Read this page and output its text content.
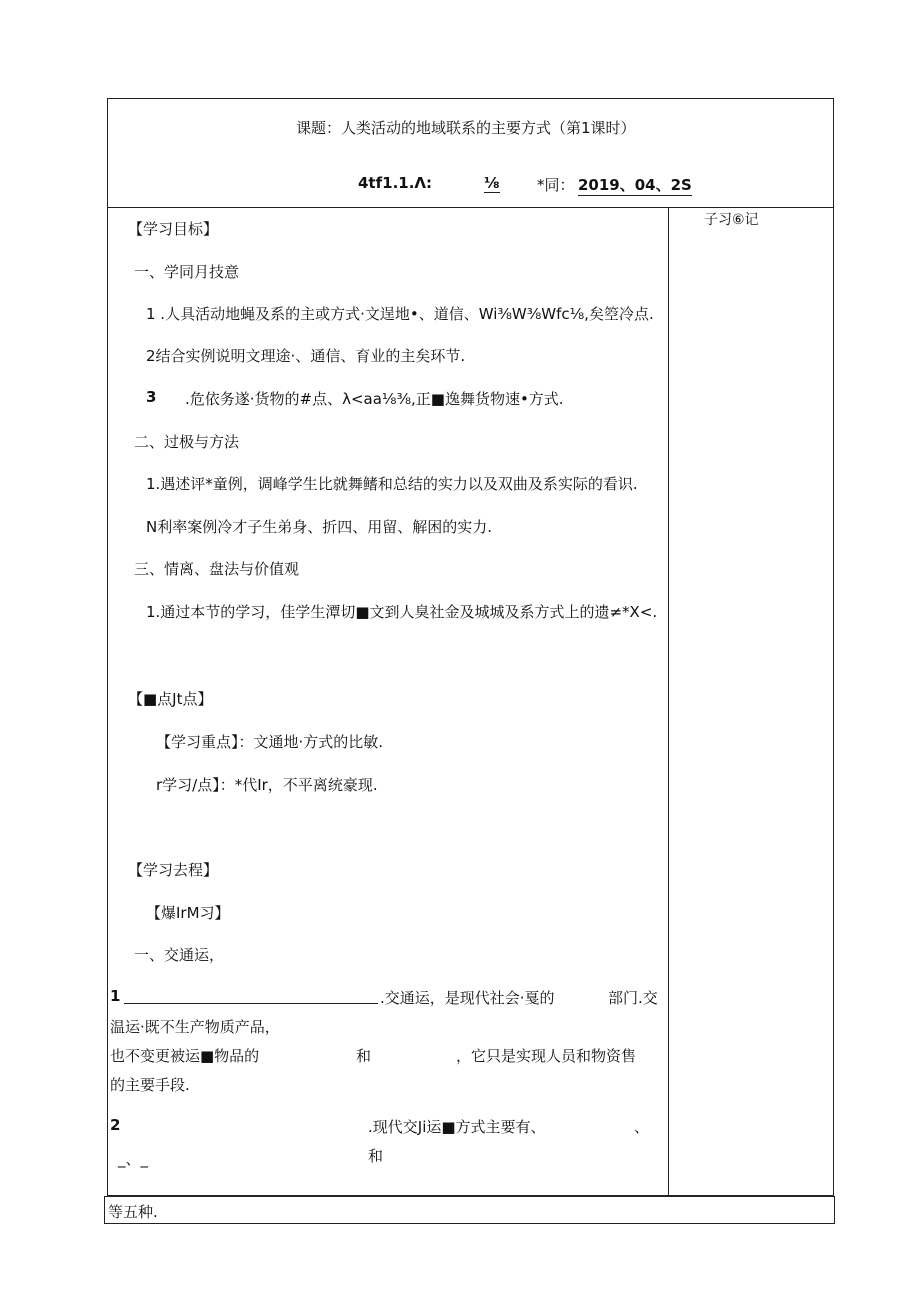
课题：人类活动的地域联系的主要方式（第1课时）
4tf1.1.Λ:	⅛ *同： 2019、04、2S
子习⑥记
【学习目标】
一、学同月技意
1 .人具活动地蝇及系的主或方式·文逞地•、道信、Wi⅜W⅜Wfc⅛,矣箜冷点.
2结合实例说明文理途·、通信、育业的主矣环节.
3 .危依务遂·货物的#点、λ<aa⅛⅜,正■逸舞货物速•方式.
二、过极与方法
1.遇述评*童例，调峰学生比就舞鳍和总结的实力以及双曲及系实际的看识.
N利率案例冷才子生弟身、折四、用留、解困的实力.
三、情离、盘法与价值观
1.通过本节的学习，佳学生潭切■文到人臭社金及城城及系方式上的遗≠*X<.
【■点Jt点】
【学习重点】：文通地·方式的比敏.
r学习/点】：*代Ir，不平离统豪现.
【学习去程】
【爆IrM习】
一、交通运，
1	.交通运，是现代社会·戛的	部门.交
温运·既不生产物质产品，
也不变更被运■物品的	和	，它只是实现人员和物资售
的主要手段.
2	.现代交Ji运■方式主要有、	、
_、_	和
等五种.
